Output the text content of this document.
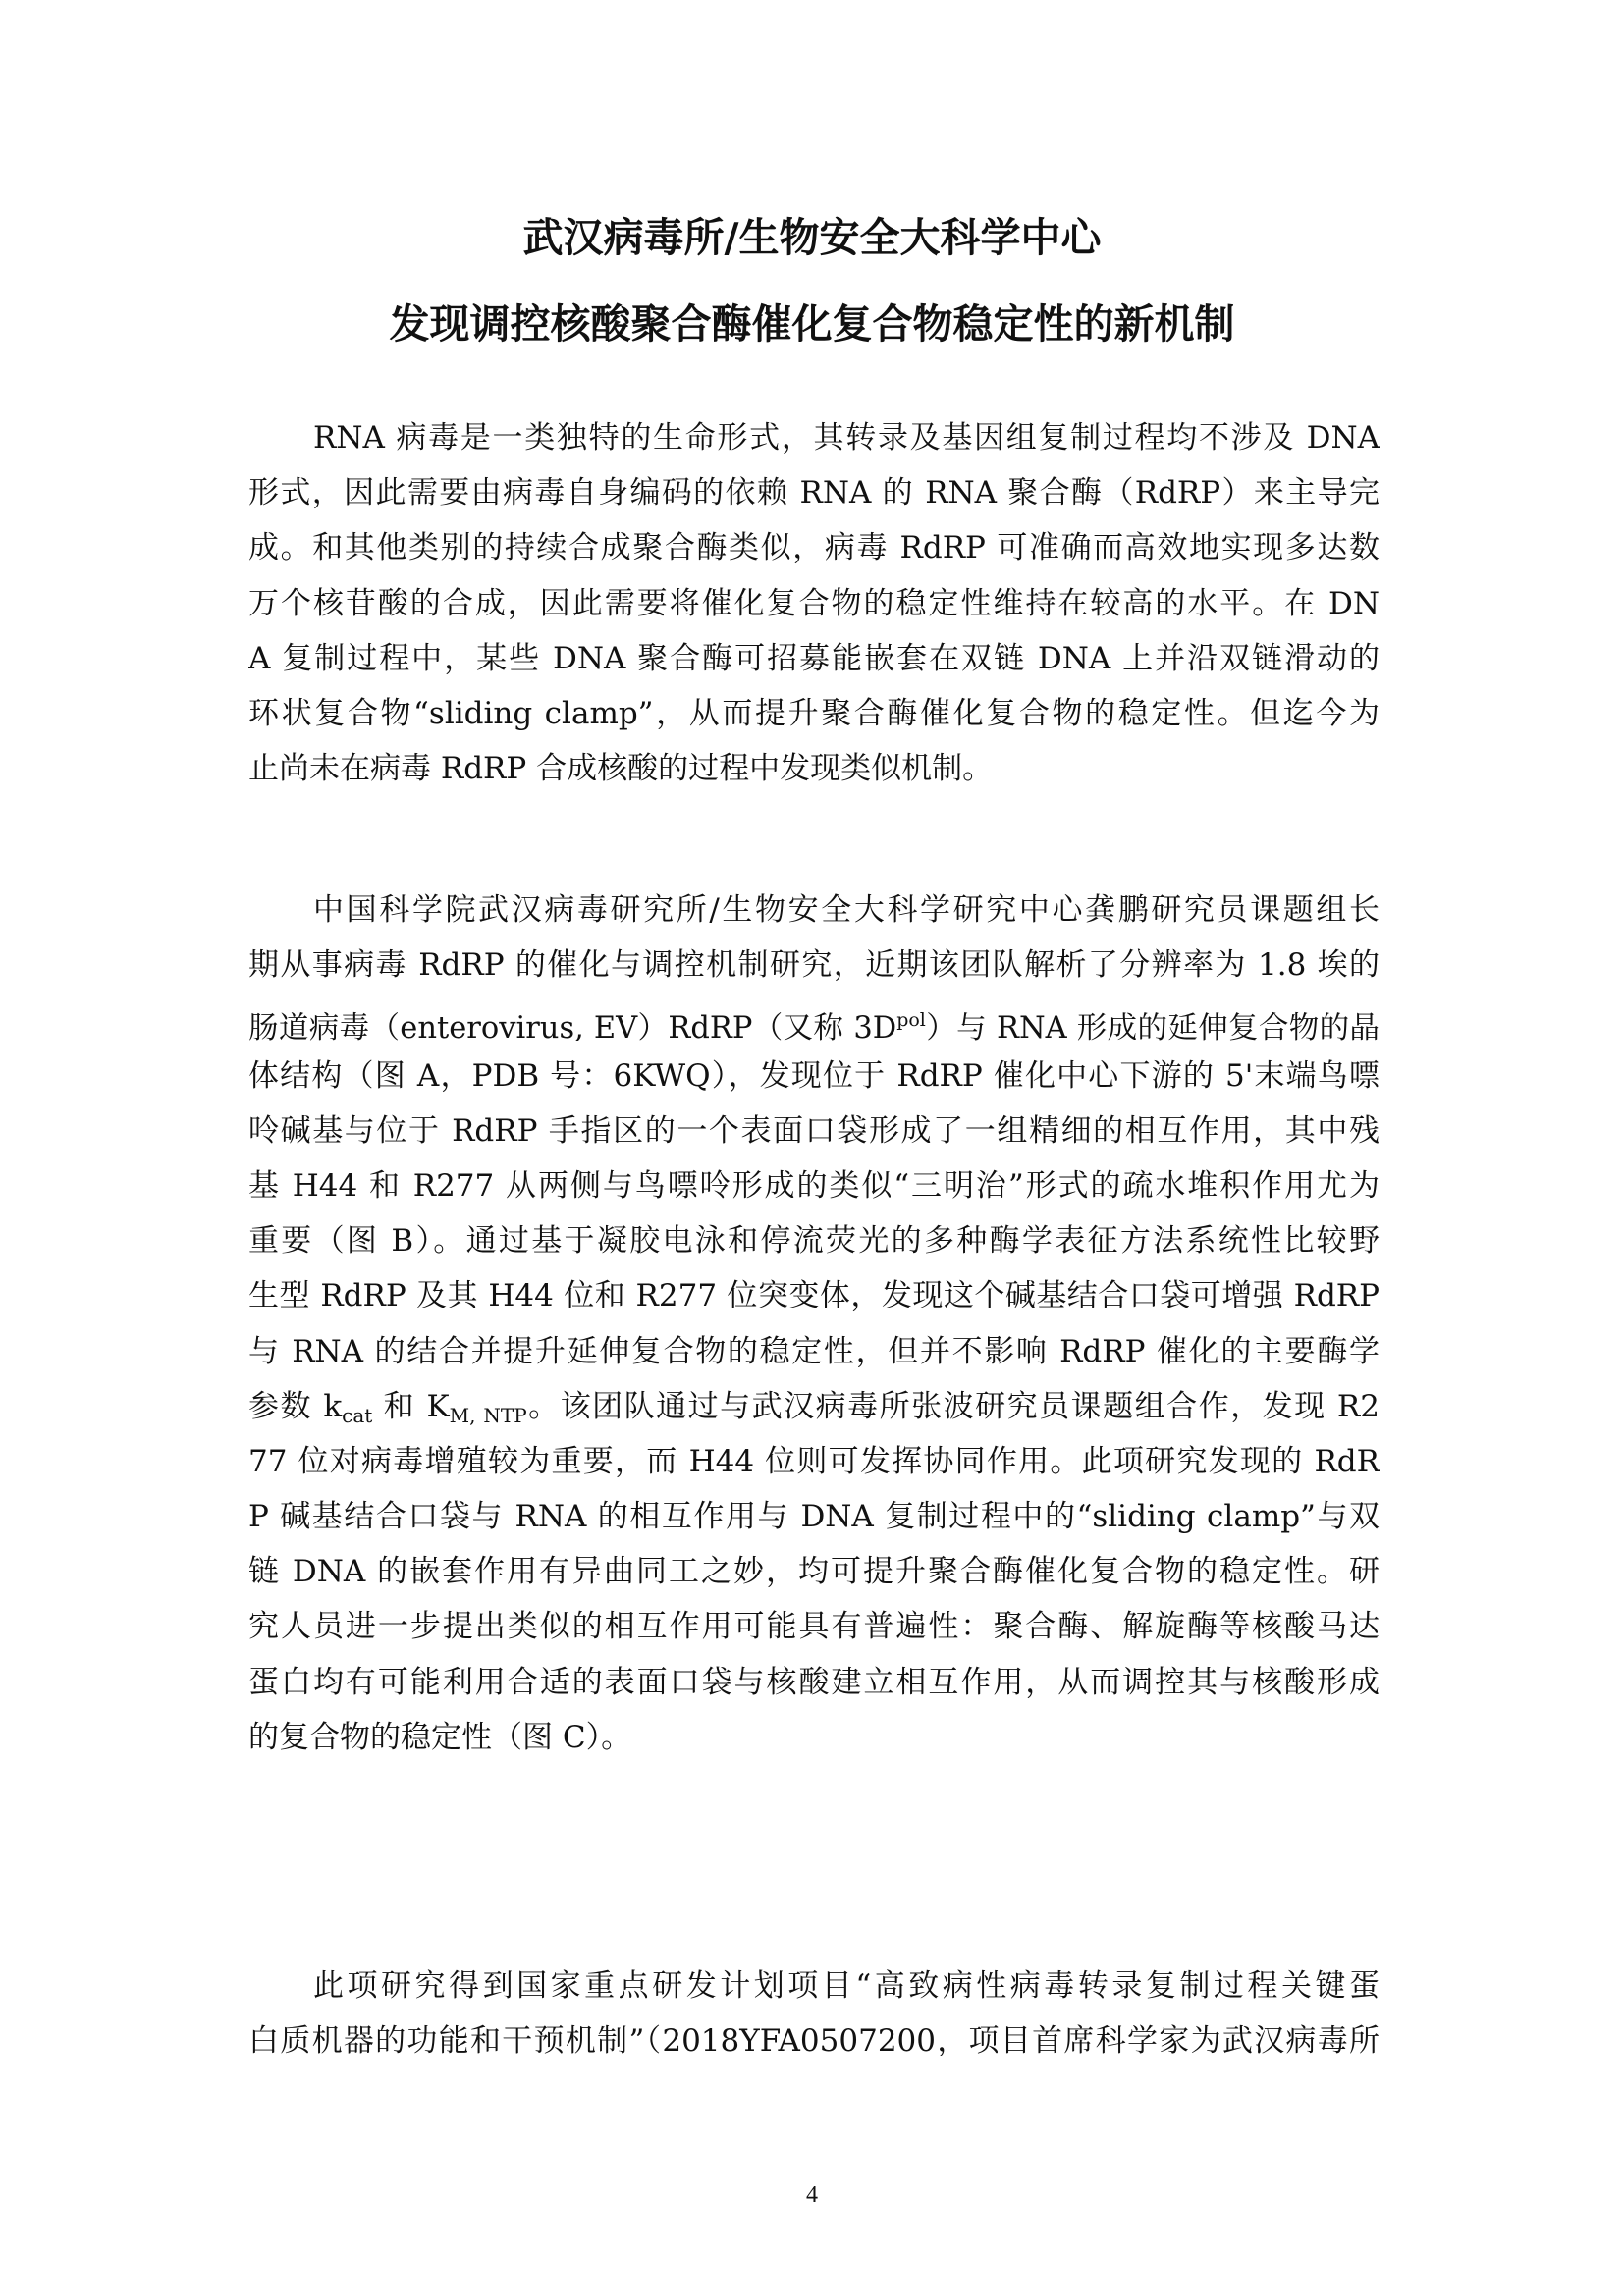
武汉病毒所/生物安全大科学中心
发现调控核酸聚合酶催化复合物稳定性的新机制
RNA 病毒是一类独特的生命形式，其转录及基因组复制过程均不涉及 DNA
形式，因此需要由病毒自身编码的依赖 RNA 的 RNA 聚合酶（RdRP）来主导完
成。和其他类别的持续合成聚合酶类似，病毒 RdRP 可准确而高效地实现多达数
万个核苷酸的合成，因此需要将催化复合物的稳定性维持在较高的水平。在 DN
A 复制过程中，某些 DNA 聚合酶可招募能嵌套在双链 DNA 上并沿双链滑动的
环状复合物“sliding clamp”，从而提升聚合酶催化复合物的稳定性。但迄今为
止尚未在病毒 RdRP 合成核酸的过程中发现类似机制。
中国科学院武汉病毒研究所/生物安全大科学研究中心龚鹏研究员课题组长
期从事病毒 RdRP 的催化与调控机制研究，近期该团队解析了分辨率为 1.8 埃的
肠道病毒（enterovirus, EV）RdRP（又称 $3D^{pol}$）与 RNA 形成的延伸复合物的晶
体结构（图 A，PDB 号：6KWQ），发现位于 RdRP 催化中心下游的 5'末端鸟嘌
呤碱基与位于 RdRP 手指区的一个表面口袋形成了一组精细的相互作用，其中残
基 H44 和 R277 从两侧与鸟嘌呤形成的类似“三明治”形式的疏水堆积作用尤为
重要（图 B）。通过基于凝胶电泳和停流荧光的多种酶学表征方法系统性比较野
生型 RdRP 及其 H44 位和 R277 位突变体，发现这个碱基结合口袋可增强 RdRP
与 RNA 的结合并提升延伸复合物的稳定性，但并不影响 RdRP 催化的主要酶学
参数 $k_{cat}$ 和 $K_{M, NTP}$。该团队通过与武汉病毒所张波研究员课题组合作，发现 R2
77 位对病毒增殖较为重要，而 H44 位则可发挥协同作用。此项研究发现的 RdR
P 碱基结合口袋与 RNA 的相互作用与 DNA 复制过程中的“sliding clamp”与双
链 DNA 的嵌套作用有异曲同工之妙，均可提升聚合酶催化复合物的稳定性。研
究人员进一步提出类似的相互作用可能具有普遍性：聚合酶、解旋酶等核酸马达
蛋白均有可能利用合适的表面口袋与核酸建立相互作用，从而调控其与核酸形成
的复合物的稳定性（图 C）。
此项研究得到国家重点研发计划项目“高致病性病毒转录复制过程关键蛋
白质机器的功能和干预机制”（2018YFA0507200，项目首席科学家为武汉病毒所
4
